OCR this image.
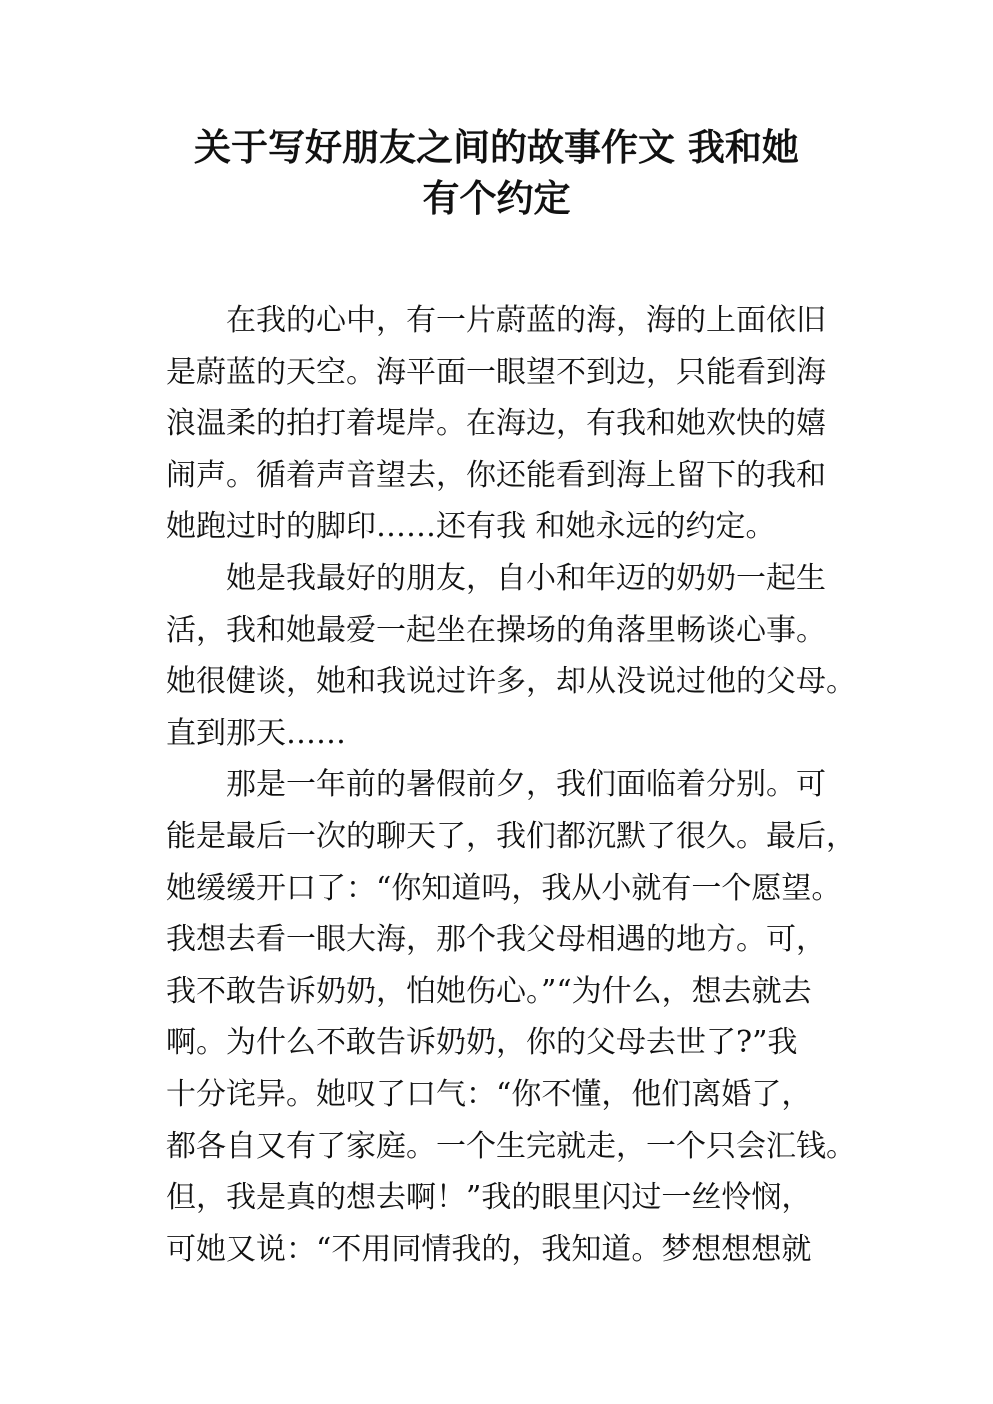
关于写好朋友之间的故事作文 我和她
有个约定
在我的心中，有一片蔚蓝的海，海的上面依旧
是蔚蓝的天空。海平面一眼望不到边，只能看到海
浪温柔的拍打着堤岸。在海边，有我和她欢快的嬉
闹声。循着声音望去，你还能看到海上留下的我和
她跑过时的脚印……还有我 和她永远的约定。
她是我最好的朋友，自小和年迈的奶奶一起生
活，我和她最爱一起坐在操场的角落里畅谈心事。
她很健谈，她和我说过许多，却从没说过他的父母。
直到那天……
那是一年前的暑假前夕，我们面临着分别。可
能是最后一次的聊天了，我们都沉默了很久。最后，
她缓缓开口了：“你知道吗，我从小就有一个愿望。
我想去看一眼大海，那个我父母相遇的地方。可，
我不敢告诉奶奶，怕她伤心。”“为什么，想去就去
啊。为什么不敢告诉奶奶，你的父母去世了?”我
十分诧异。她叹了口气：“你不懂，他们离婚了，
都各自又有了家庭。一个生完就走，一个只会汇钱。
但，我是真的想去啊！”我的眼里闪过一丝怜悯，
可她又说：“不用同情我的，我知道。梦想想想就
